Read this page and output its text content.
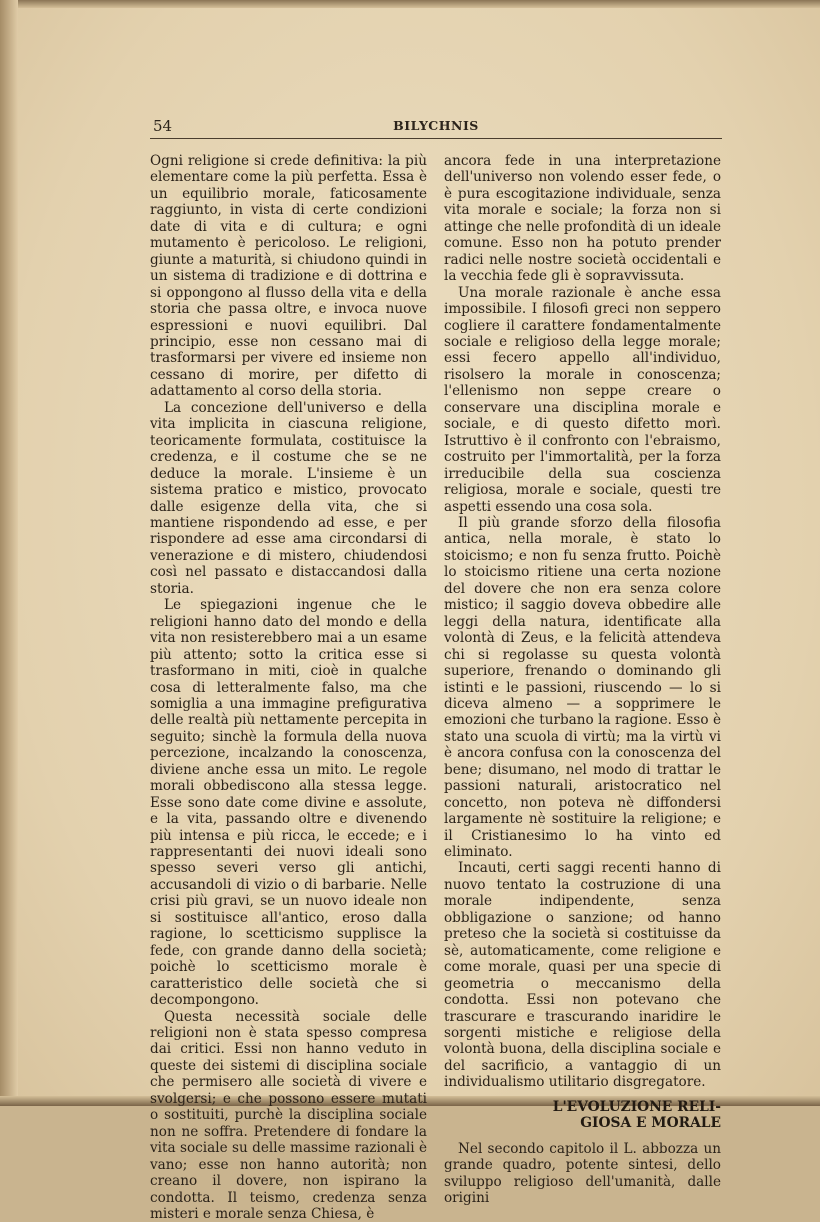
54	BILYCHNIS

Ogni religione si crede definitiva: la più elementare come la più perfetta. Essa è un equilibrio morale, faticosamente raggiunto, in vista di certe condizioni date di vita e di cultura; e ogni mutamento è pericoloso. Le religioni, giunte a maturità, si chiudono quindi in un sistema di tradizione e di dottrina e si oppongono al flusso della vita e della storia che passa oltre, e invoca nuove espressioni e nuovi equilibri. Dal principio, esse non cessano mai di trasformarsi per vivere ed insieme non cessano di morire, per difetto di adattamento al corso della storia.

La concezione dell'universo e della vita implicita in ciascuna religione, teoricamente formulata, costituisce la credenza, e il costume che se ne deduce la morale. L'insieme è un sistema pratico e mistico, provocato dalle esigenze della vita, che si mantiene rispondendo ad esse, e per rispondere ad esse ama circondarsi di venerazione e di mistero, chiudendosi così nel passato e distaccandosi dalla storia.

Le spiegazioni ingenue che le religioni hanno dato del mondo e della vita non resisterebbero mai a un esame più attento; sotto la critica esse si trasformano in miti, cioè in qualche cosa di letteralmente falso, ma che somiglia a una immagine prefigurativa delle realtà più nettamente percepita in seguito; sinchè la formula della nuova percezione, incalzando la conoscenza, diviene anche essa un mito. Le regole morali obbediscono alla stessa legge. Esse sono date come divine e assolute, e la vita, passando oltre e divenendo più intensa e più ricca, le eccede; e i rappresentanti dei nuovi ideali sono spesso severi verso gli antichi, accusandoli di vizio o di barbarie. Nelle crisi più gravi, se un nuovo ideale non si sostituisce all'antico, eroso dalla ragione, lo scetticismo supplisce la fede, con grande danno della società; poichè lo scetticismo morale è caratteristico delle società che si decompongono.

Questa necessità sociale delle religioni non è stata spesso compresa dai critici. Essi non hanno veduto in queste dei sistemi di disciplina sociale che permisero alle società di vivere e svolgersi; e che possono essere mutati o sostituiti, purchè la disciplina sociale non ne soffra. Pretendere di fondare la vita sociale su delle massime razionali è vano; esse non hanno autorità; non creano il dovere, non ispirano la condotta. Il teismo, credenza senza misteri e morale senza Chiesa, è

ancora fede in una interpretazione dell'universo non volendo esser fede, o è pura escogitazione individuale, senza vita morale e sociale; la forza non si attinge che nelle profondità di un ideale comune. Esso non ha potuto prender radici nelle nostre società occidentali e la vecchia fede gli è sopravvissuta.

Una morale razionale è anche essa impossibile. I filosofi greci non seppero cogliere il carattere fondamentalmente sociale e religioso della legge morale; essi fecero appello all'individuo, risolsero la morale in conoscenza; l'ellenismo non seppe creare o conservare una disciplina morale e sociale, e di questo difetto morì. Istruttivo è il confronto con l'ebraismo, costruito per l'immortalità, per la forza irreducibile della sua coscienza religiosa, morale e sociale, questi tre aspetti essendo una cosa sola.

Il più grande sforzo della filosofia antica, nella morale, è stato lo stoicismo; e non fu senza frutto. Poichè lo stoicismo ritiene una certa nozione del dovere che non era senza colore mistico; il saggio doveva obbedire alle leggi della natura, identificate alla volontà di Zeus, e la felicità attendeva chi si regolasse su questa volontà superiore, frenando o dominando gli istinti e le passioni, riuscendo — lo si diceva almeno — a sopprimere le emozioni che turbano la ragione. Esso è stato una scuola di virtù; ma la virtù vi è ancora confusa con la conoscenza del bene; disumano, nel modo di trattar le passioni naturali, aristocratico nel concetto, non poteva nè diffondersi largamente nè sostituire la religione; e il Cristianesimo lo ha vinto ed eliminato.

Incauti, certi saggi recenti hanno di nuovo tentato la costruzione di una morale indipendente, senza obbligazione o sanzione; od hanno preteso che la società si costituisse da sè, automaticamente, come religione e come morale, quasi per una specie di geometria o meccanismo della condotta. Essi non potevano che trascurare e trascurando inaridire le sorgenti mistiche e religiose della volontà buona, della disciplina sociale e del sacrificio, a vantaggio di un individualismo utilitario disgregatore.

L'EVOLUZIONE RELI-
GIOSA E MORALE

Nel secondo capitolo il L. abbozza un grande quadro, potente sintesi, dello sviluppo religioso dell'umanità, dalle origini
